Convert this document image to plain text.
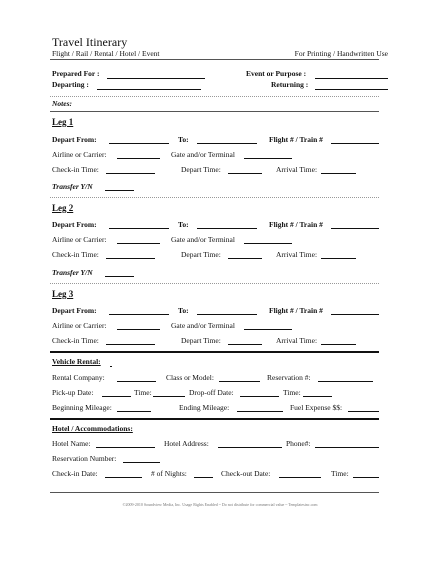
Travel Itinerary
Flight / Rail / Rental / Hotel / Event	For Printing / Handwritten Use
Prepared For :	Event or Purpose :
Departing :	Returning :
Notes:
Leg 1
Depart From:	To:	Flight # / Train #
Airline or Carrier:	Gate and/or Terminal
Check-in Time:	Depart Time:	Arrival Time:
Transfer Y/N
Leg 2
Depart From:	To:	Flight # / Train #
Airline or Carrier:	Gate and/or Terminal
Check-in Time:	Depart Time:	Arrival Time:
Transfer Y/N
Leg 3
Depart From:	To:	Flight # / Train #
Airline or Carrier:	Gate and/or Terminal
Check-in Time:	Depart Time:	Arrival Time:
Vehicle Rental:
Rental Company:	Class or Model:	Reservation #:
Pick-up Date:	Time:	Drop-off Date:	Time:
Beginning Mileage:	Ending Mileage:	Fuel Expense $$:
Hotel / Accommodations:
Hotel Name:	Hotel Address:	Phone#:
Reservation Number:
Check-in Date:	# of Nights:	Check-out Date:	Time:
©2009-2010 Soundview Media, Inc. Usage Rights Enabled ~ Do not distribute for commercial value ~ Templatesinc.com
